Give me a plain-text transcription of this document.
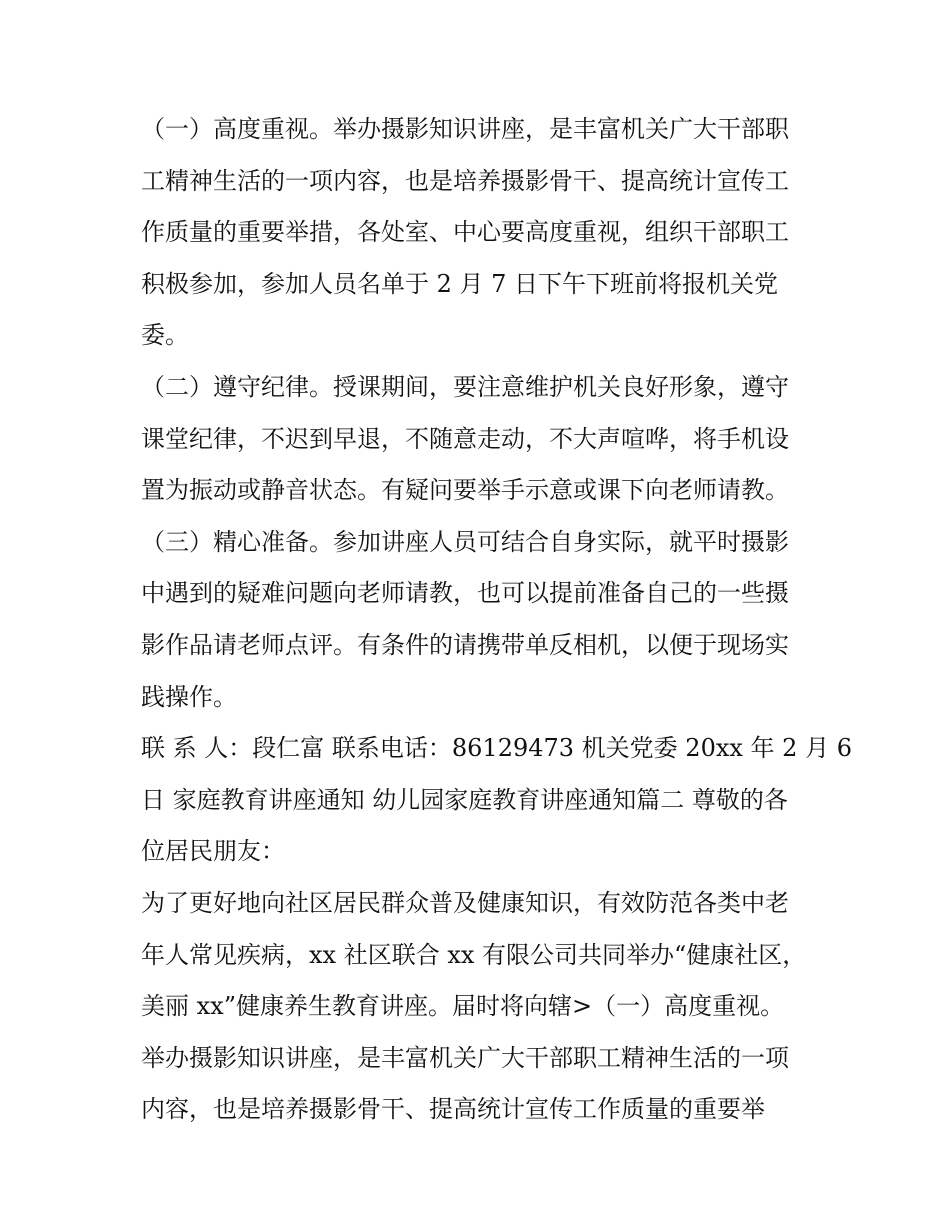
（一）高度重视。举办摄影知识讲座，是丰富机关广大干部职
工精神生活的一项内容，也是培养摄影骨干、提高统计宣传工
作质量的重要举措，各处室、中心要高度重视，组织干部职工
积极参加，参加人员名单于 2 月 7 日下午下班前将报机关党
委。
（二）遵守纪律。授课期间，要注意维护机关良好形象，遵守
课堂纪律，不迟到早退，不随意走动，不大声喧哗，将手机设
置为振动或静音状态。有疑问要举手示意或课下向老师请教。
（三）精心准备。参加讲座人员可结合自身实际，就平时摄影
中遇到的疑难问题向老师请教，也可以提前准备自己的一些摄
影作品请老师点评。有条件的请携带单反相机，以便于现场实
践操作。
联 系 人：段仁富 联系电话：86129473 机关党委 20xx 年 2 月 6
日 家庭教育讲座通知 幼儿园家庭教育讲座通知篇二 尊敬的各
位居民朋友：
为了更好地向社区居民群众普及健康知识，有效防范各类中老
年人常见疾病，xx 社区联合 xx 有限公司共同举办“健康社区，
美丽 xx”健康养生教育讲座。届时将向辖>（一）高度重视。
举办摄影知识讲座，是丰富机关广大干部职工精神生活的一项
内容，也是培养摄影骨干、提高统计宣传工作质量的重要举
